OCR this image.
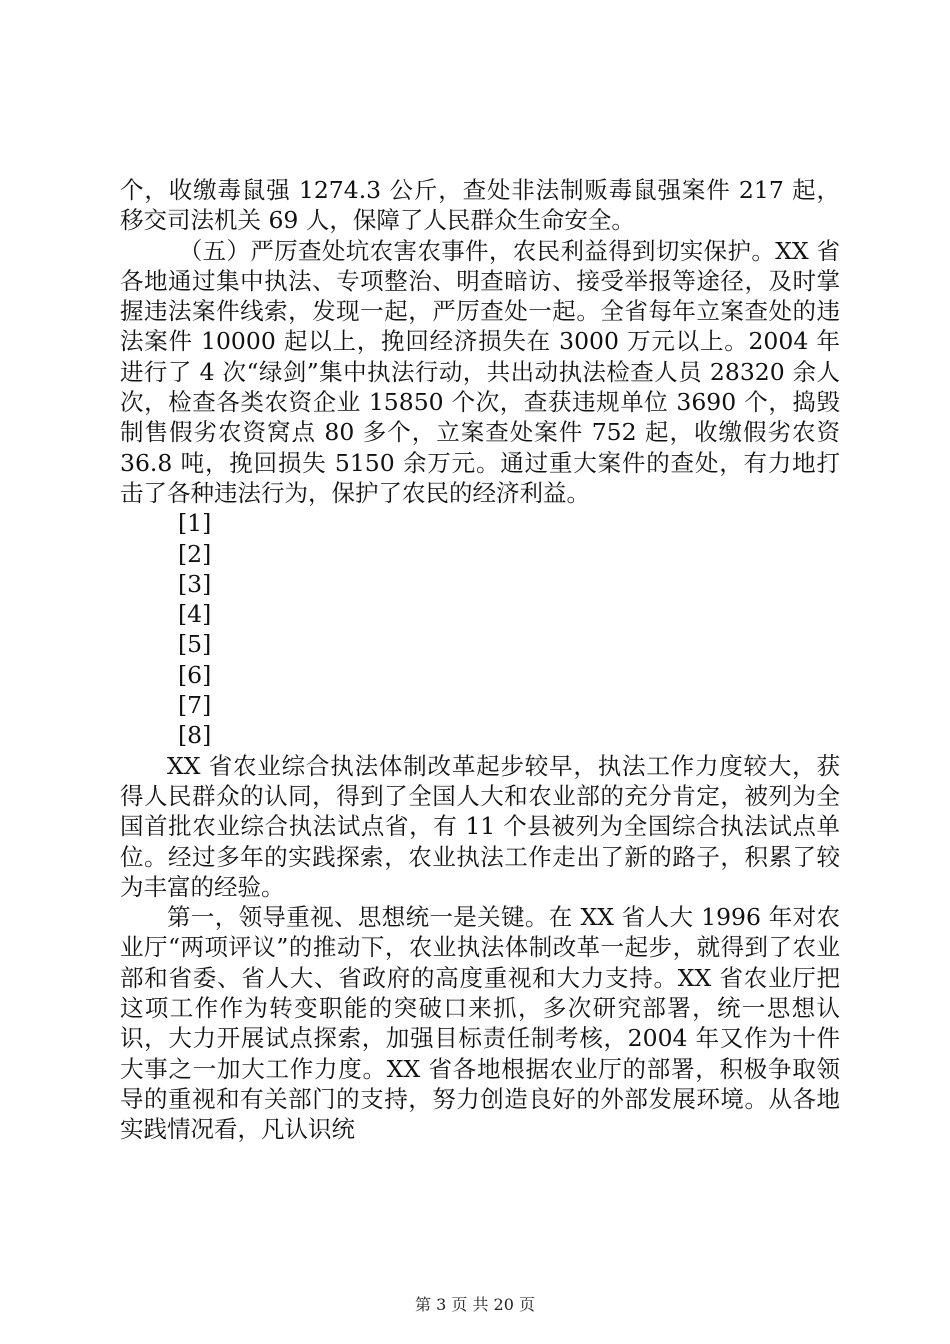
个，收缴毒鼠强 1274.3 公斤，查处非法制贩毒鼠强案件 217 起，移交司法机关 69 人，保障了人民群众生命安全。

（五）严厉查处坑农害农事件，农民利益得到切实保护。XX 省各地通过集中执法、专项整治、明查暗访、接受举报等途径，及时掌握违法案件线索，发现一起，严厉查处一起。全省每年立案查处的违法案件 10000 起以上，挽回经济损失在 3000 万元以上。2004 年进行了 4 次“绿剑”集中执法行动，共出动执法检查人员 28320 余人次，检查各类农资企业 15850 个次，查获违规单位 3690 个，捣毁制售假劣农资窝点 80 多个，立案查处案件 752 起，收缴假劣农资 36.8 吨，挽回损失 5150 余万元。通过重大案件的查处，有力地打击了各种违法行为，保护了农民的经济利益。

[1]

[2]

[3]

[4]

[5]

[6]

[7]

[8]

XX 省农业综合执法体制改革起步较早，执法工作力度较大，获得人民群众的认同，得到了全国人大和农业部的充分肯定，被列为全国首批农业综合执法试点省，有 11 个县被列为全国综合执法试点单位。经过多年的实践探索，农业执法工作走出了新的路子，积累了较为丰富的经验。

第一，领导重视、思想统一是关键。在 XX 省人大 1996 年对农业厅“两项评议”的推动下，农业执法体制改革一起步，就得到了农业部和省委、省人大、省政府的高度重视和大力支持。XX 省农业厅把这项工作作为转变职能的突破口来抓，多次研究部署，统一思想认识，大力开展试点探索，加强目标责任制考核，2004 年又作为十件大事之一加大工作力度。XX 省各地根据农业厅的部署，积极争取领导的重视和有关部门的支持，努力创造良好的外部发展环境。从各地实践情况看，凡认识统

第 3 页 共 20 页
